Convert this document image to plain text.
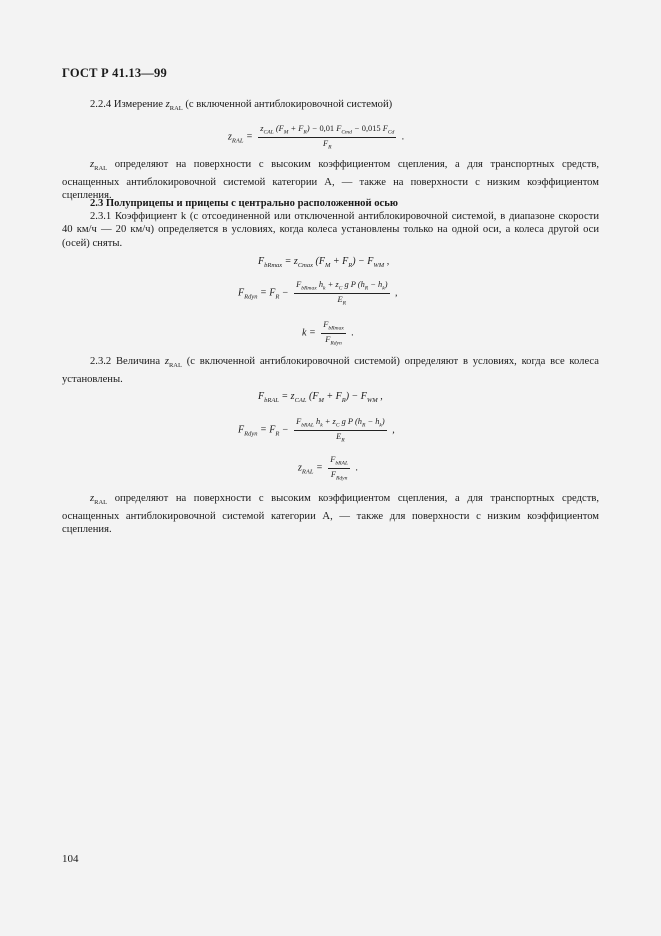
ГОСТ Р 41.13—99
2.2.4 Измерение $z_{RAL}$ (с включенной антиблокировочной системой)
$z_{RAL} = \frac{z_{CAL} (F_M + F_R) - 0,01 F_{Cmd} - 0,015 F_{Cd}}{F_R}$ .
$z_{RAL}$ определяют на поверхности с высоким коэффициентом сцепления, а для транспортных средств, оснащенных антиблокировочной системой категории A, — также на поверхности с низким коэффициентом сцепления.
2.3 Полуприцепы и прицепы с центрально расположенной осью
2.3.1 Коэффициент k (с отсоединенной или отключенной антиблокировочной системой, в диапазоне скорости 40 км/ч — 20 км/ч) определяется в условиях, когда колеса установлены только на одной оси, а колеса другой оси (осей) сняты.
$F_{bRmax} = z_{Cmax}$ $(F_M + F_R) - F_{WM}$ ,
$F_{Rdyn} = F_R - \frac{F_{bRmax} h_k + z_C g P (h_R - h_k)}{E_R}$ ,
$k = \frac{F_{bRmax}}{F_{Rdyn}}$ .
2.3.2 Величина $z_{RAL}$ (с включенной антиблокировочной системой) определяют в условиях, когда все колеса установлены.
$F_{bRAL} = z_{CAL}$ $(F_M + F_R) - F_{WM}$ ,
$F_{Rdyn} = F_R - \frac{F_{bRAL} h_k + z_C g P (h_R - h_k)}{E_R}$ ,
$z_{RAL} = \frac{F_{bRAL}}{F_{Rdyn}}$ .
$z_{RAL}$ определяют на поверхности с высоким коэффициентом сцепления, а для транспортных средств, оснащенных антиблокировочной системой категории A, — также для поверхности с низким коэффициентом сцепления.
104
